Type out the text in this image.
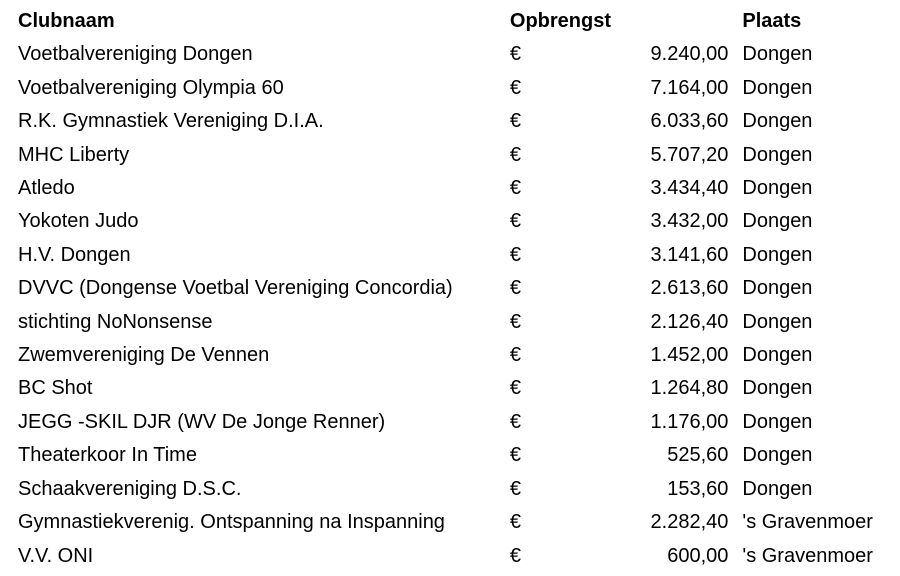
Clubnaam	Opbrengst		Plaats
Voetbalvereniging Dongen	€	9.240,00	Dongen
Voetbalvereniging Olympia 60	€	7.164,00	Dongen
R.K. Gymnastiek Vereniging D.I.A.	€	6.033,60	Dongen
MHC Liberty	€	5.707,20	Dongen
Atledo	€	3.434,40	Dongen
Yokoten Judo	€	3.432,00	Dongen
H.V. Dongen	€	3.141,60	Dongen
DVVC (Dongense Voetbal Vereniging Concordia)	€	2.613,60	Dongen
stichting NoNonsense	€	2.126,40	Dongen
Zwemvereniging De Vennen	€	1.452,00	Dongen
BC Shot	€	1.264,80	Dongen
JEGG -SKIL DJR (WV De Jonge Renner)	€	1.176,00	Dongen
Theaterkoor In Time	€	525,60	Dongen
Schaakvereniging D.S.C.	€	153,60	Dongen
Gymnastiekverenig. Ontspanning na Inspanning	€	2.282,40	's Gravenmoer
V.V. ONI	€	600,00	's Gravenmoer
